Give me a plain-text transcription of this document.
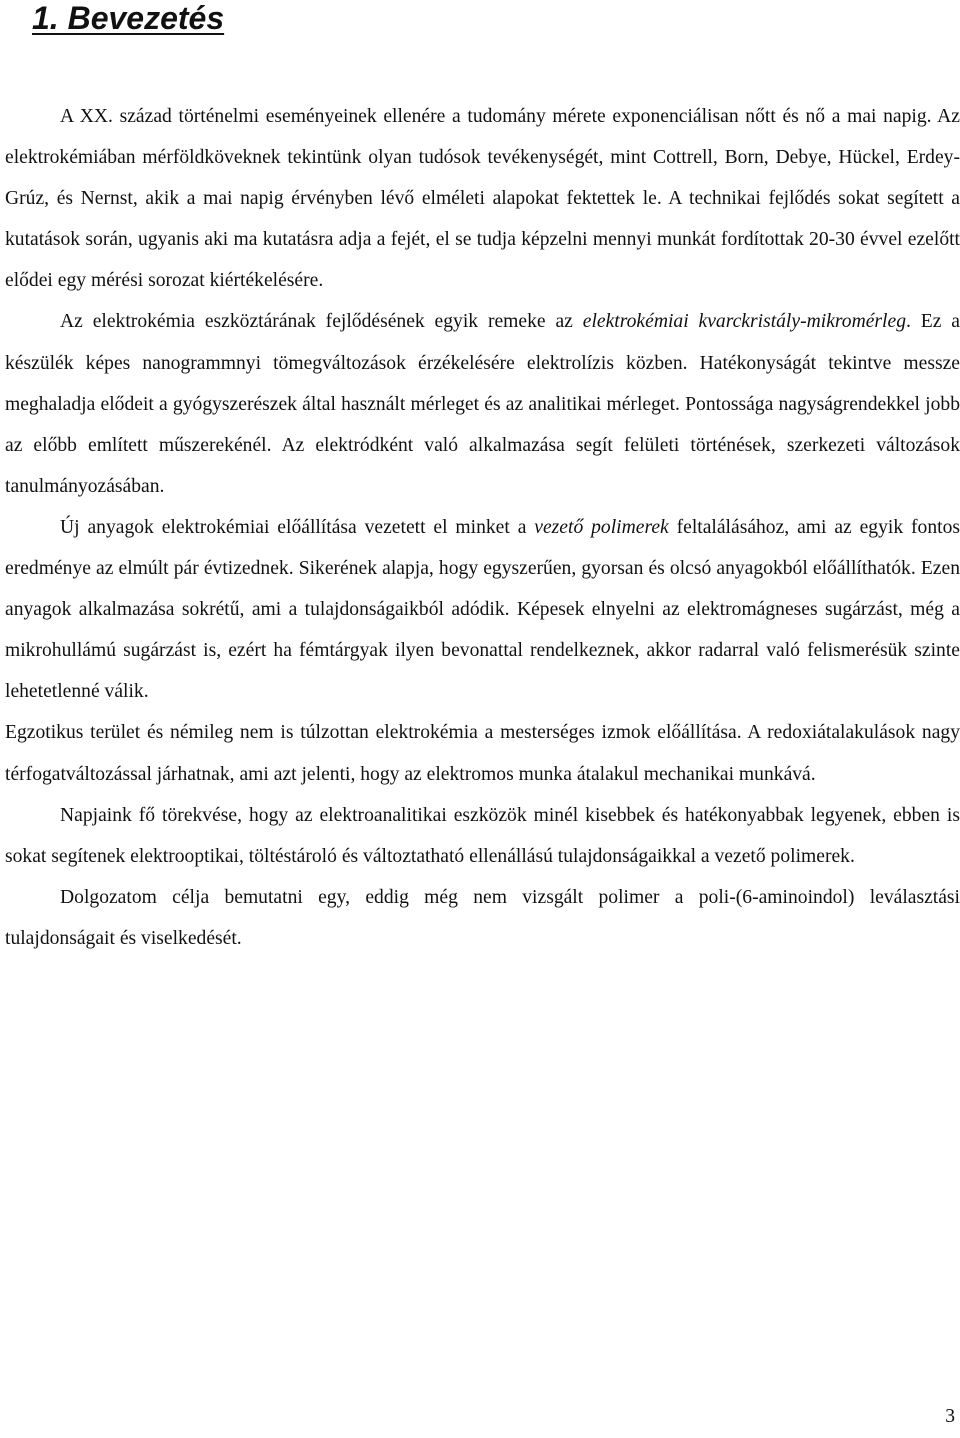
1. Bevezetés

A XX. század történelmi eseményeinek ellenére a tudomány mérete exponenciálisan nőtt és nő a mai napig. Az elektrokémiában mérföldköveknek tekintünk olyan tudósok tevékenységét, mint Cottrell, Born, Debye, Hückel, Erdey-Grúz, és Nernst, akik a mai napig érvényben lévő elméleti alapokat fektettek le. A technikai fejlődés sokat segített a kutatások során, ugyanis aki ma kutatásra adja a fejét, el se tudja képzelni mennyi munkát fordítottak 20-30 évvel ezelőtt elődei egy mérési sorozat kiértékelésére.

Az elektrokémia eszköztárának fejlődésének egyik remeke az elektrokémiai kvarckristály-mikromérleg. Ez a készülék képes nanogrammnyi tömegváltozások érzékelésére elektrolízis közben. Hatékonyságát tekintve messze meghaladja elődeit a gyógyszerészek által használt mérleget és az analitikai mérleget. Pontossága nagyságrendekkel jobb az előbb említett műszerekénél. Az elektródként való alkalmazása segít felületi történések, szerkezeti változások tanulmányozásában.

Új anyagok elektrokémiai előállítása vezetett el minket a vezető polimerek feltalálásához, ami az egyik fontos eredménye az elmúlt pár évtizednek. Sikerének alapja, hogy egyszerűen, gyorsan és olcsó anyagokból előállíthatók. Ezen anyagok alkalmazása sokrétű, ami a tulajdonságaikból adódik. Képesek elnyelni az elektromágneses sugárzást, még a mikrohullámú sugárzást is, ezért ha fémtárgyak ilyen bevonattal rendelkeznek, akkor radarral való felismerésük szinte lehetetlenné válik.

Egzotikus terület és némileg nem is túlzottan elektrokémia a mesterséges izmok előállítása. A redoxiátalakulások nagy térfogatváltozással járhatnak, ami azt jelenti, hogy az elektromos munka átalakul mechanikai munkává.

Napjaink fő törekvése, hogy az elektroanalitikai eszközök minél kisebbek és hatékonyabbak legyenek, ebben is sokat segítenek elektrooptikai, töltéstároló és változtatható ellenállású tulajdonságaikkal a vezető polimerek.

Dolgozatom célja bemutatni egy, eddig még nem vizsgált polimer a poli-(6-aminoindol) leválasztási tulajdonságait és viselkedését.

3
